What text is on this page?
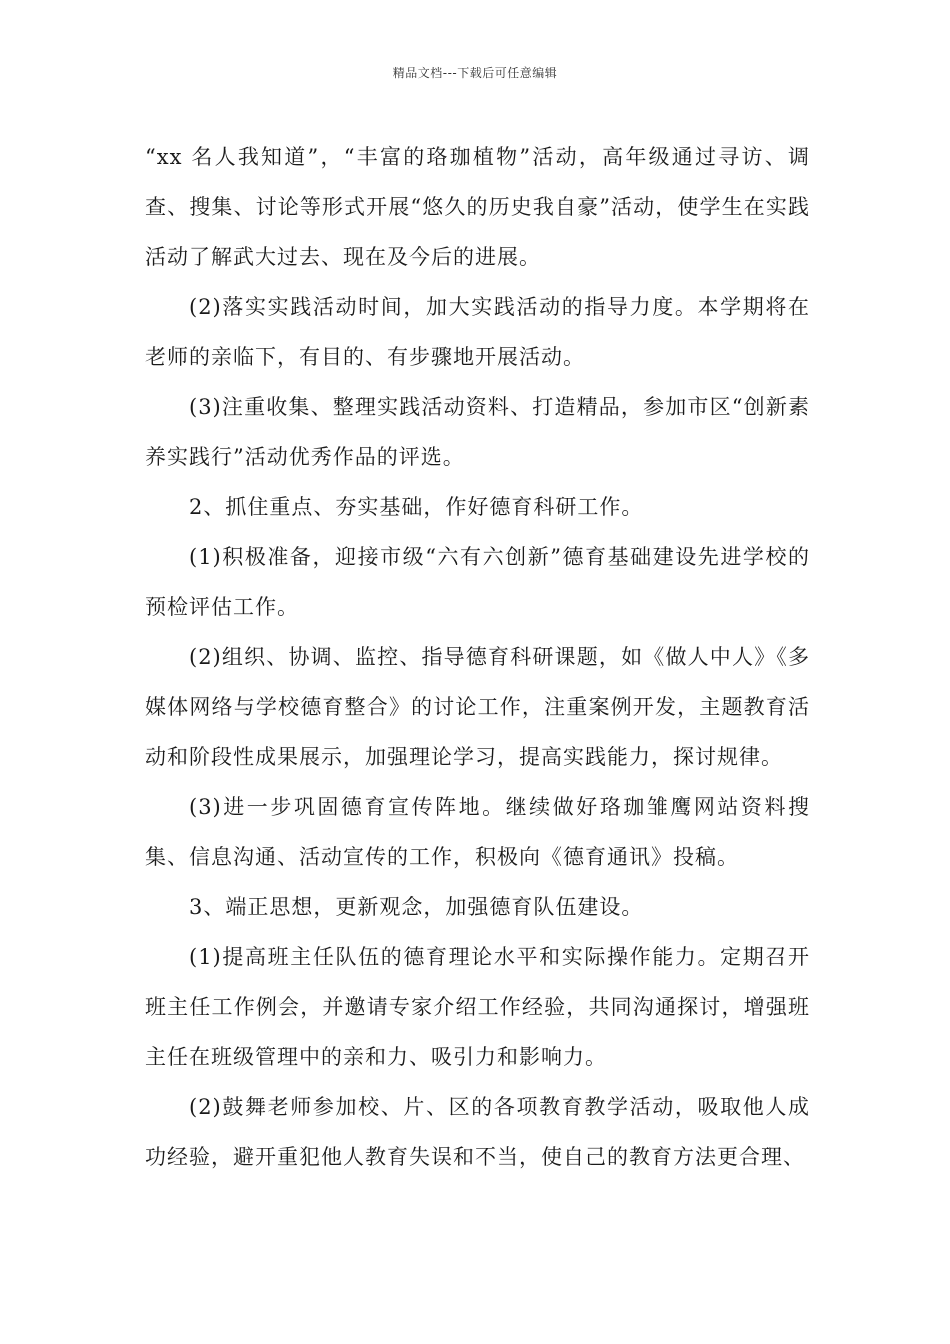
精品文档---下载后可任意编辑

“xx 名人我知道”，“丰富的珞珈植物”活动，高年级通过寻访、调查、搜集、讨论等形式开展“悠久的历史我自豪”活动，使学生在实践活动了解武大过去、现在及今后的进展。

(2)落实实践活动时间，加大实践活动的指导力度。本学期将在老师的亲临下，有目的、有步骤地开展活动。

(3)注重收集、整理实践活动资料、打造精品，参加市区“创新素养实践行”活动优秀作品的评选。

2、抓住重点、夯实基础，作好德育科研工作。

(1)积极准备，迎接市级“六有六创新”德育基础建设先进学校的预检评估工作。

(2)组织、协调、监控、指导德育科研课题，如《做人中人》《多媒体网络与学校德育整合》的讨论工作，注重案例开发，主题教育活动和阶段性成果展示，加强理论学习，提高实践能力，探讨规律。

(3)进一步巩固德育宣传阵地。继续做好珞珈雏鹰网站资料搜集、信息沟通、活动宣传的工作，积极向《德育通讯》投稿。

3、端正思想，更新观念，加强德育队伍建设。

(1)提高班主任队伍的德育理论水平和实际操作能力。定期召开班主任工作例会，并邀请专家介绍工作经验，共同沟通探讨，增强班主任在班级管理中的亲和力、吸引力和影响力。

(2)鼓舞老师参加校、片、区的各项教育教学活动，吸取他人成功经验，避开重犯他人教育失误和不当，使自己的教育方法更合理、
